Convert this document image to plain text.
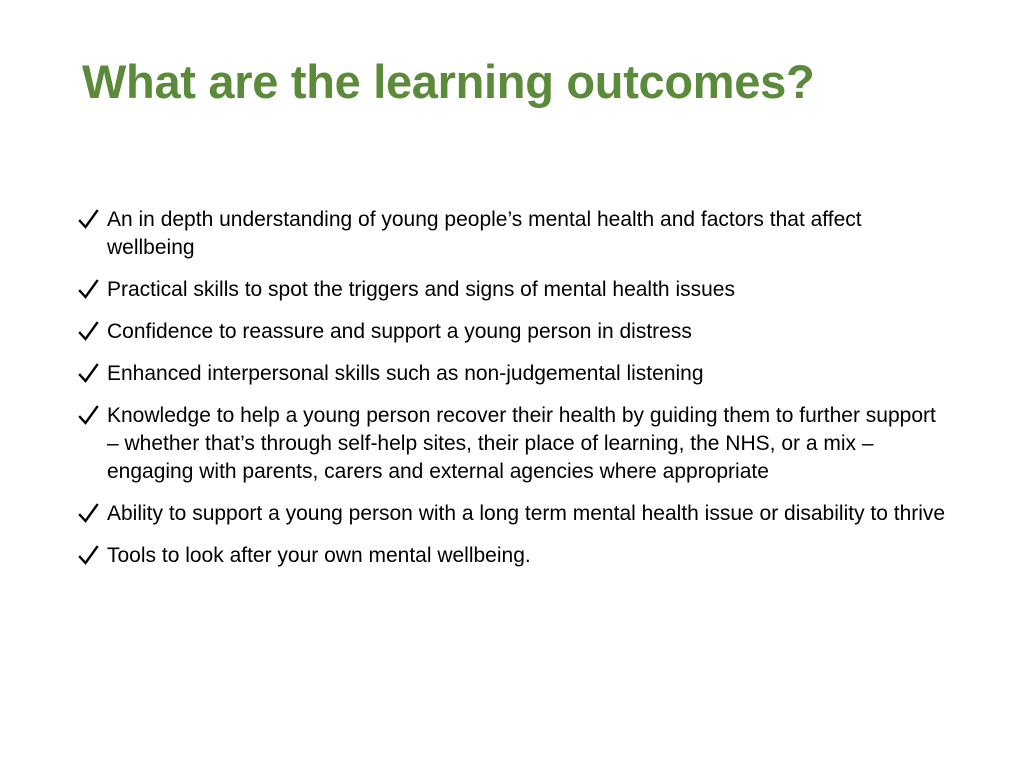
What are the learning outcomes?
An in depth understanding of young people’s mental health and factors that affect wellbeing
Practical skills to spot the triggers and signs of mental health issues
Confidence to reassure and support a young person in distress
Enhanced interpersonal skills such as non-judgemental listening
Knowledge to help a young person recover their health by guiding them to further support – whether that’s through self-help sites, their place of learning, the NHS, or a mix – engaging with parents, carers and external agencies where appropriate
Ability to support a young person with a long term mental health issue or disability to thrive
Tools to look after your own mental wellbeing.
